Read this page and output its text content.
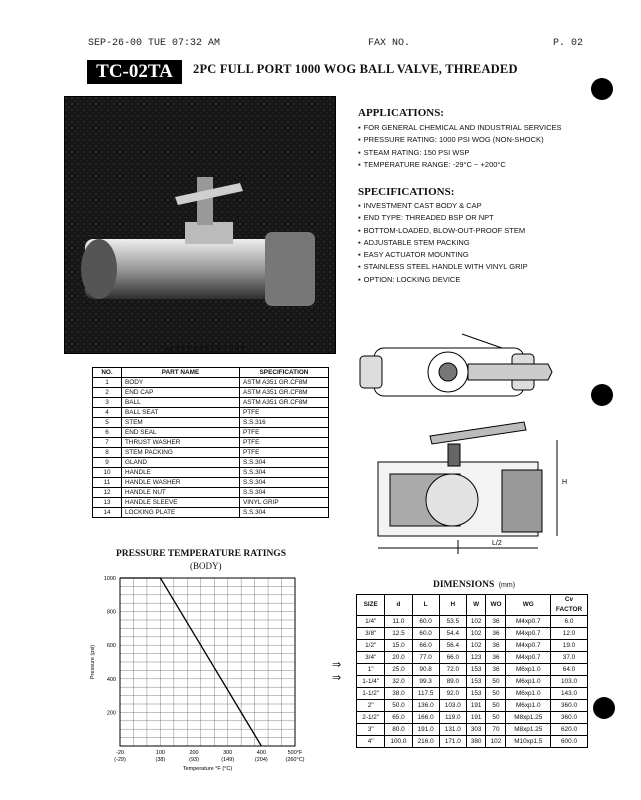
SEP-26-00 TUE 07:32 AM	FAX NO.	P. 02
TC-02TA	2PC FULL PORT 1000 WOG BALL VALVE, THREADED
APPLICATIONS:
▪ FOR GENERAL CHEMICAL AND INDUSTRIAL SERVICES
▪ PRESSURE RATING: 1000 PSI WOG (NON-SHOCK)
▪ STEAM RATING: 150 PSI WSP
▪ TEMPERATURE RANGE: -29°C ~ +200°C
SPECIFICATIONS:
▪ INVESTMENT CAST BODY & CAP
▪ END TYPE: THREADED BSP OR NPT
▪ BOTTOM-LOADED, BLOW-OUT-PROOF STEM
▪ ADJUSTABLE STEM PACKING
▪ EASY ACTUATOR MOUNTING
▪ STAINLESS STEEL HANDLE WITH VINYL GRIP
▪ OPTION: LOCKING DEVICE
MATERIALS LIST
NO.	PART NAME	SPECIFICATION
1	BODY	ASTM A351 GR.CF8M
2	END CAP	ASTM A351 GR.CF8M
3	BALL	ASTM A351 GR.CF8M
4	BALL SEAT	PTFE
5	STEM	S.S.316
6	END SEAL	PTFE
7	THRUST WASHER	PTFE
8	STEM PACKING	PTFE
9	GLAND	S.S.304
10	HANDLE	S.S.304
11	HANDLE WASHER	S.S.304
12	HANDLE NUT	S.S.304
13	HANDLE SLEEVE	VINYL GRIP
14	LOCKING PLATE	S.S.304
H
L/2
PRESSURE TEMPERATURE RATINGS
(BODY)
-20
(-29)
100
(38)
200
(93)
300
(149)
400
(204)
500°F
(260°C)
200
400
600
800
1000
Temperature °F (°C)
Pressure (psi)
DIMENSIONS (mm)
SIZE	d	L	H	W	WO	WG	Cv FACTOR
1/4"	11.0	60.0	53.5	102	36	M4xp0.7	6.0
3/8"	12.5	60.0	54.4	102	36	M4xp0.7	12.0
1/2"	15.0	66.0	56.4	102	36	M4xp0.7	19.0
3/4"	20.0	77.0	66.0	123	36	M4xp0.7	37.0
1"	25.0	90.8	72.0	153	36	M6xp1.0	64.0
1-1/4"	32.0	99.3	89.0	153	50	M6xp1.0	103.0
1-1/2"	38.0	117.5	92.0	153	50	M6xp1.0	143.0
2"	50.0	136.0	103.0	191	50	M6xp1.0	360.0
2-1/2"	65.0	166.0	119.0	191	50	M8xp1.25	360.0
3"	80.0	191.0	131.0	303	70	M8xp1.25	620.0
4"	100.0	216.0	171.0	380	102	M10xp1.5	600.0
⇒
⇒
